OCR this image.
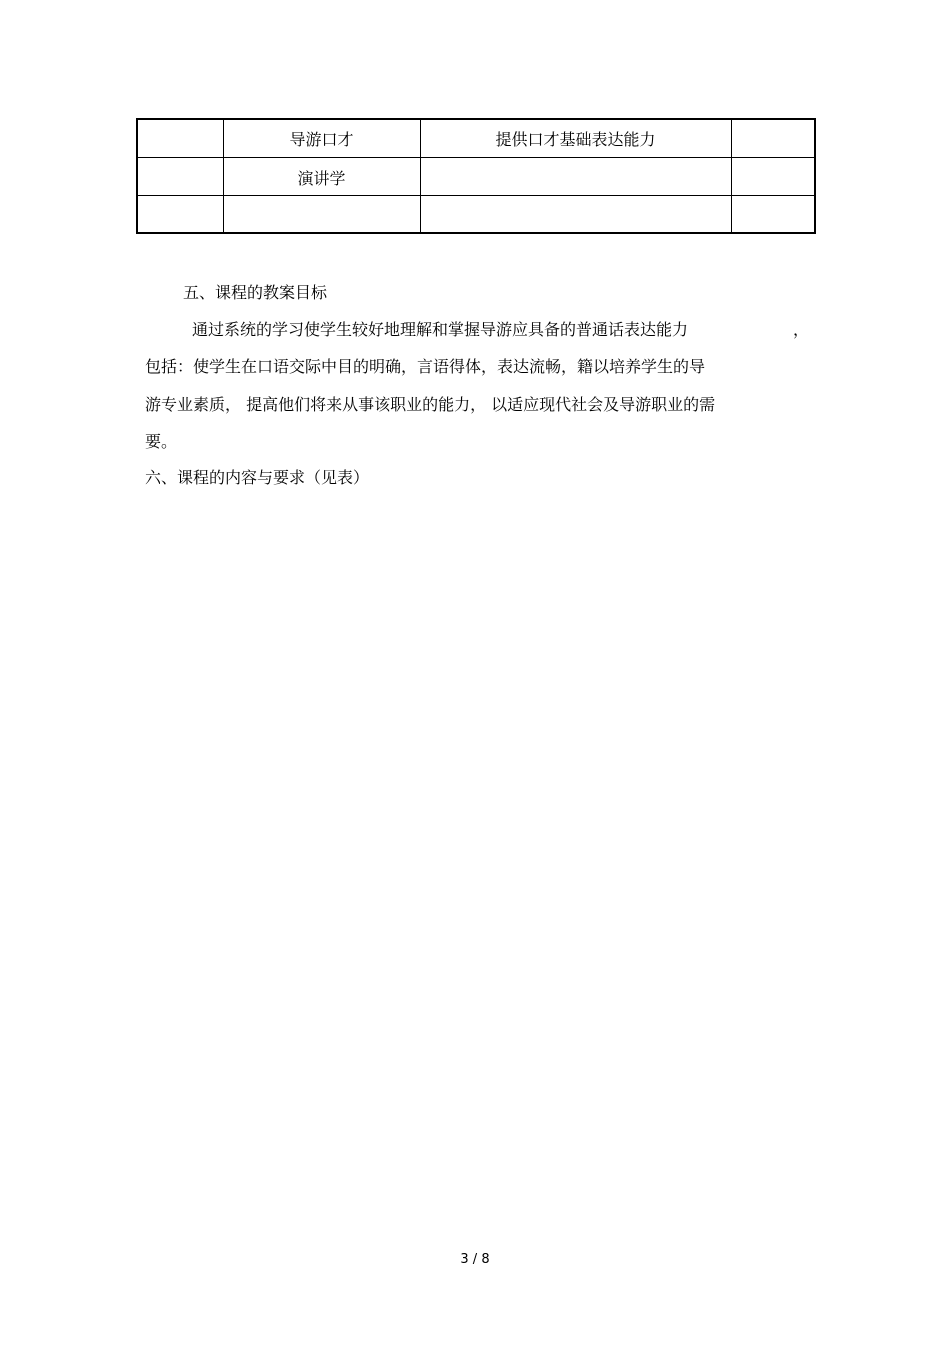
	导游口才	提供口才基础表达能力	
	演讲学		

五、课程的教案目标
通过系统的学习使学生较好地理解和掌握导游应具备的普通话表达能力	，
包括：使学生在口语交际中目的明确，言语得体，表达流畅，籍以培养学生的导
游专业素质， 提高他们将来从事该职业的能力， 以适应现代社会及导游职业的需
要。
六、课程的内容与要求（见表）
3 / 8
